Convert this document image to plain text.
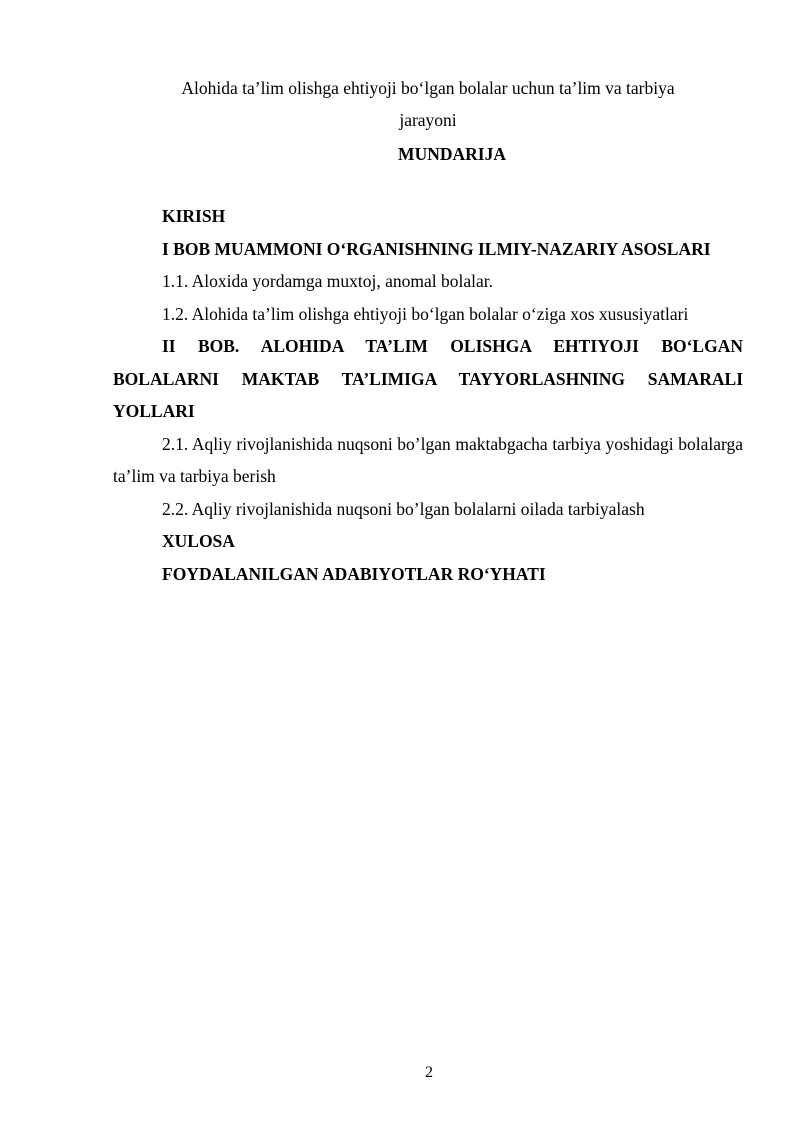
Alohida ta’lim olishga ehtiyoji bo‘lgan bolalar uchun ta’lim va tarbiya
jarayoni
MUNDARIJA

KIRISH

I BOB MUAMMONI O‘RGANISHNING ILMIY-NAZARIY ASOSLARI

1.1. Aloxida yordamga muxtoj, anomal bolalar.

1.2. Alohida ta’lim olishga ehtiyoji bo‘lgan bolalar o‘ziga xos xususiyatlari

II BOB. ALOHIDA TA’LIM OLISHGA EHTIYOJI BO‘LGAN BOLALARNI MAKTAB TA’LIMIGA TAYYORLASHNING SAMARALI YOLLARI

2.1. Aqliy rivojlanishida nuqsoni bo’lgan maktabgacha tarbiya yoshidagi bolalarga ta’lim va tarbiya berish

2.2. Aqliy rivojlanishida nuqsoni bo’lgan bolalarni oilada tarbiyalash

XULOSA

FOYDALANILGAN ADABIYOTLAR RO‘YHATI

2
